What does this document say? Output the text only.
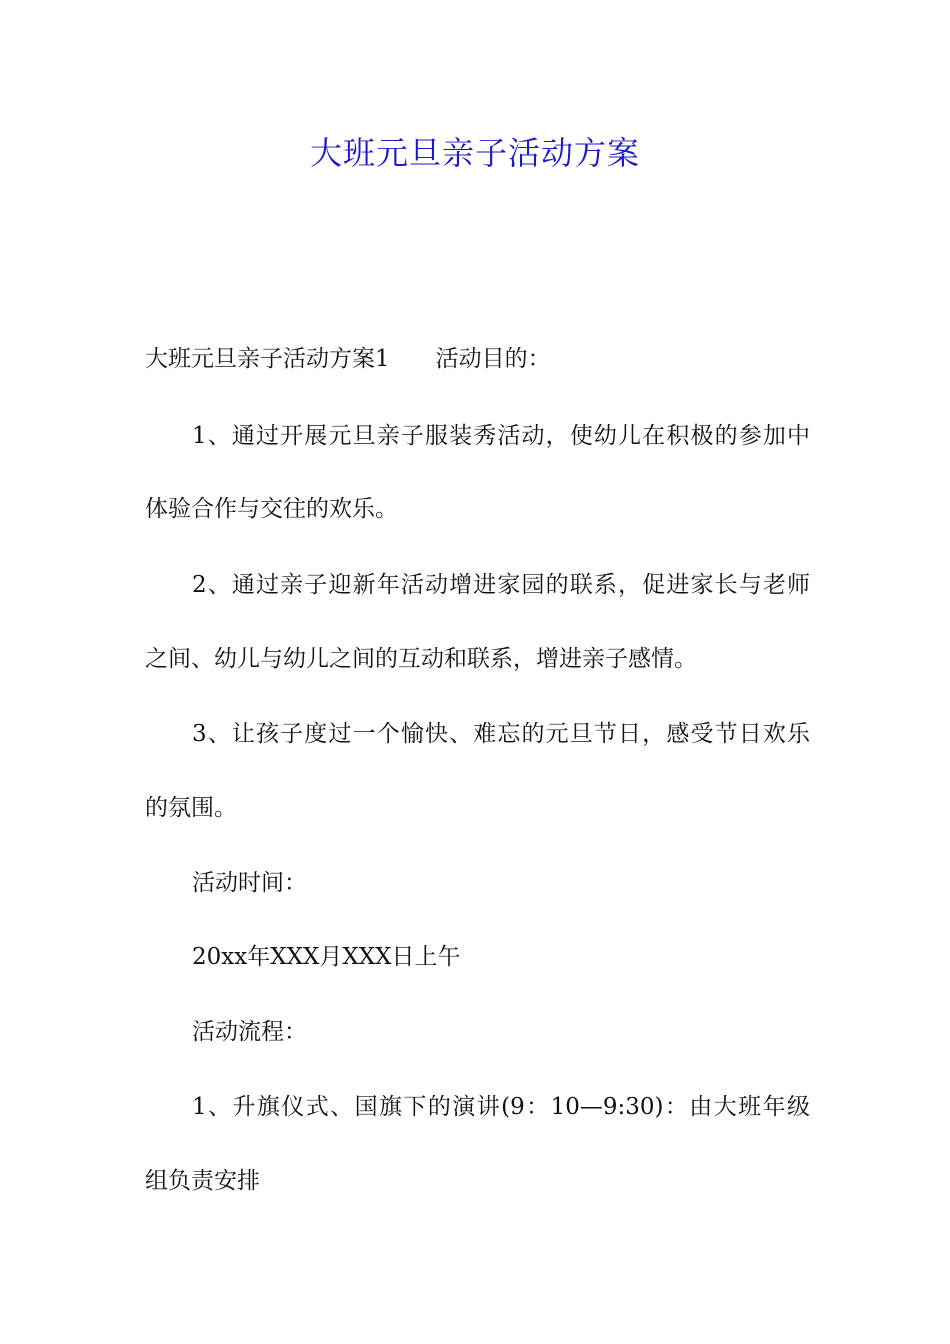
大班元旦亲子活动方案

大班元旦亲子活动方案1 活动目的：

1、通过开展元旦亲子服装秀活动，使幼儿在积极的参加中

体验合作与交往的欢乐。

2、通过亲子迎新年活动增进家园的联系，促进家长与老师

之间、幼儿与幼儿之间的互动和联系，增进亲子感情。

3、让孩子度过一个愉快、难忘的元旦节日，感受节日欢乐

的氛围。

活动时间：

20xx年XXX月XXX日上午

活动流程：

1、升旗仪式、国旗下的演讲(9：10—9:30)：由大班年级

组负责安排
